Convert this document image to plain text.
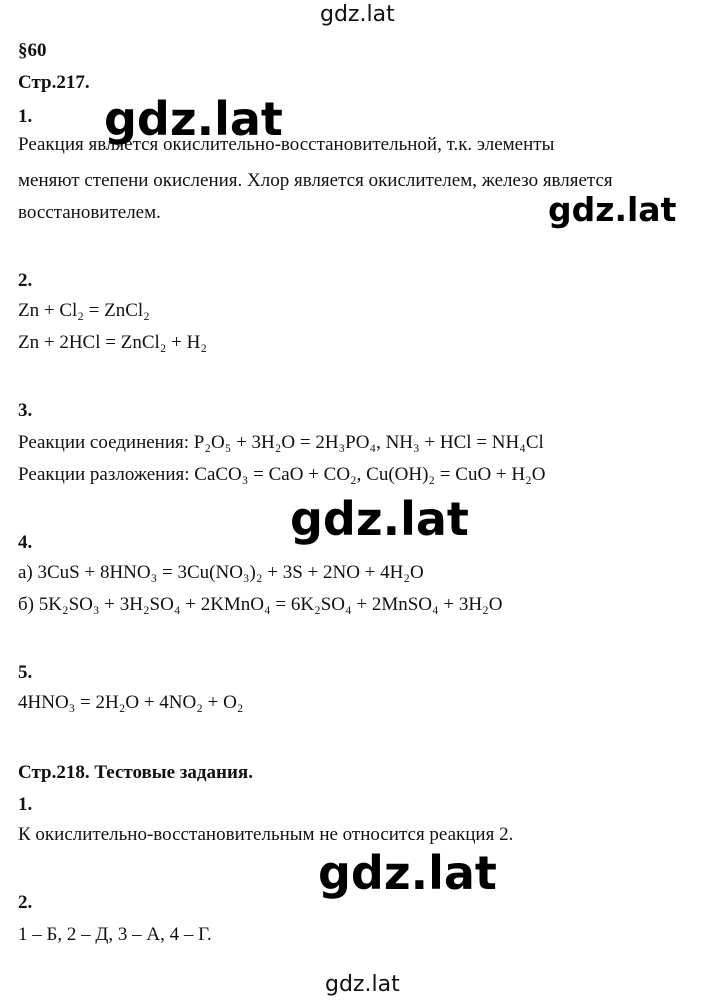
gdz.lat
§60
Стр.217.
1.
Реакция является окислительно-восстановительной, т.к. элементы
меняют степени окисления. Хлор является окислителем, железо является
восстановителем.
gdz.lat
gdz.lat
2.
Zn + Cl₂ = ZnCl₂
Zn + 2HCl = ZnCl₂ + H₂
3.
Реакции соединения: P₂O₅ + 3H₂O = 2H₃PO₄, NH₃ + HCl = NH₄Cl
Реакции разложения: CaCO₃ = CaO + CO₂, Cu(OH)₂ = CuO + H₂O
gdz.lat
4.
а) 3CuS + 8HNO₃ = 3Cu(NO₃)₂ + 3S + 2NO + 4H₂O
б) 5K₂SO₃ + 3H₂SO₄ + 2KMnO₄ = 6K₂SO₄ + 2MnSO₄ + 3H₂O
5.
4HNO₃ = 2H₂O + 4NO₂ + O₂
Стр.218. Тестовые задания.
1.
К окислительно-восстановительным не относится реакция 2.
gdz.lat
2.
1 – Б, 2 – Д, 3 – А, 4 – Г.
gdz.lat
